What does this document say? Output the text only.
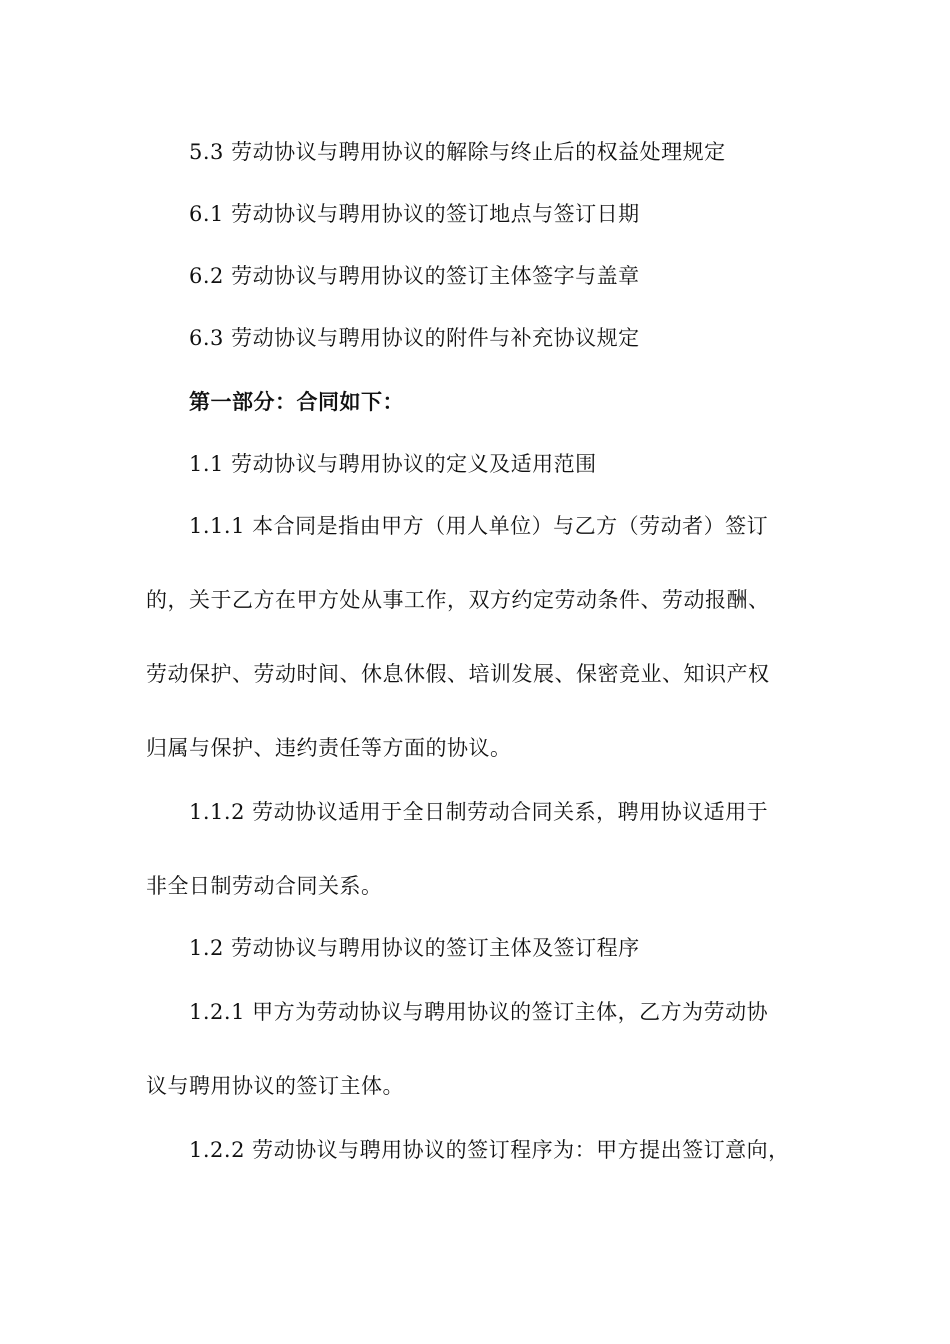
5.3 劳动协议与聘用协议的解除与终止后的权益处理规定
6.1 劳动协议与聘用协议的签订地点与签订日期
6.2 劳动协议与聘用协议的签订主体签字与盖章
6.3 劳动协议与聘用协议的附件与补充协议规定
第一部分：合同如下：
1.1 劳动协议与聘用协议的定义及适用范围
1.1.1 本合同是指由甲方（用人单位）与乙方（劳动者）签订
的，关于乙方在甲方处从事工作，双方约定劳动条件、劳动报酬、
劳动保护、劳动时间、休息休假、培训发展、保密竞业、知识产权
归属与保护、违约责任等方面的协议。
1.1.2 劳动协议适用于全日制劳动合同关系，聘用协议适用于
非全日制劳动合同关系。
1.2 劳动协议与聘用协议的签订主体及签订程序
1.2.1 甲方为劳动协议与聘用协议的签订主体，乙方为劳动协
议与聘用协议的签订主体。
1.2.2 劳动协议与聘用协议的签订程序为：甲方提出签订意向，
